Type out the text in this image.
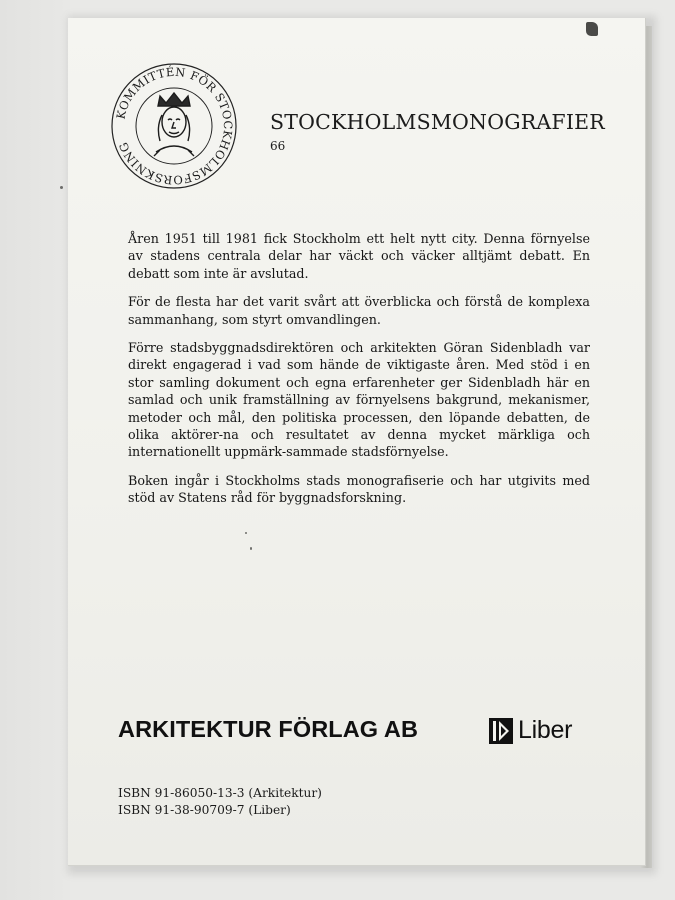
KOMMITTÉN FÖR STOCKHOLMSFORSKNING
STOCKHOLMSMONOGRAFIER
66

Åren 1951 till 1981 fick Stockholm ett helt nytt city. Denna förnyelse av stadens centrala delar har väckt och väcker alltjämt debatt. En debatt som inte är avslutad.

För de flesta har det varit svårt att överblicka och förstå de komplexa sammanhang, som styrt omvandlingen.

Förre stadsbyggnadsdirektören och arkitekten Göran Sidenbladh var direkt engagerad i vad som hände de viktigaste åren. Med stöd i en stor samling dokument och egna erfarenheter ger Sidenbladh här en samlad och unik framställning av förnyelsens bakgrund, mekanismer, metoder och mål, den politiska processen, den löpande debatten, de olika aktörer-na och resultatet av denna mycket märkliga och internationellt uppmärk-sammade stadsförnyelse.

Boken ingår i Stockholms stads monografiserie och har utgivits med stöd av Statens råd för byggnadsforskning.

ARKITEKTUR FÖRLAG AB	Liber
ISBN 91-86050-13-3 (Arkitektur)
ISBN 91-38-90709-7 (Liber)
